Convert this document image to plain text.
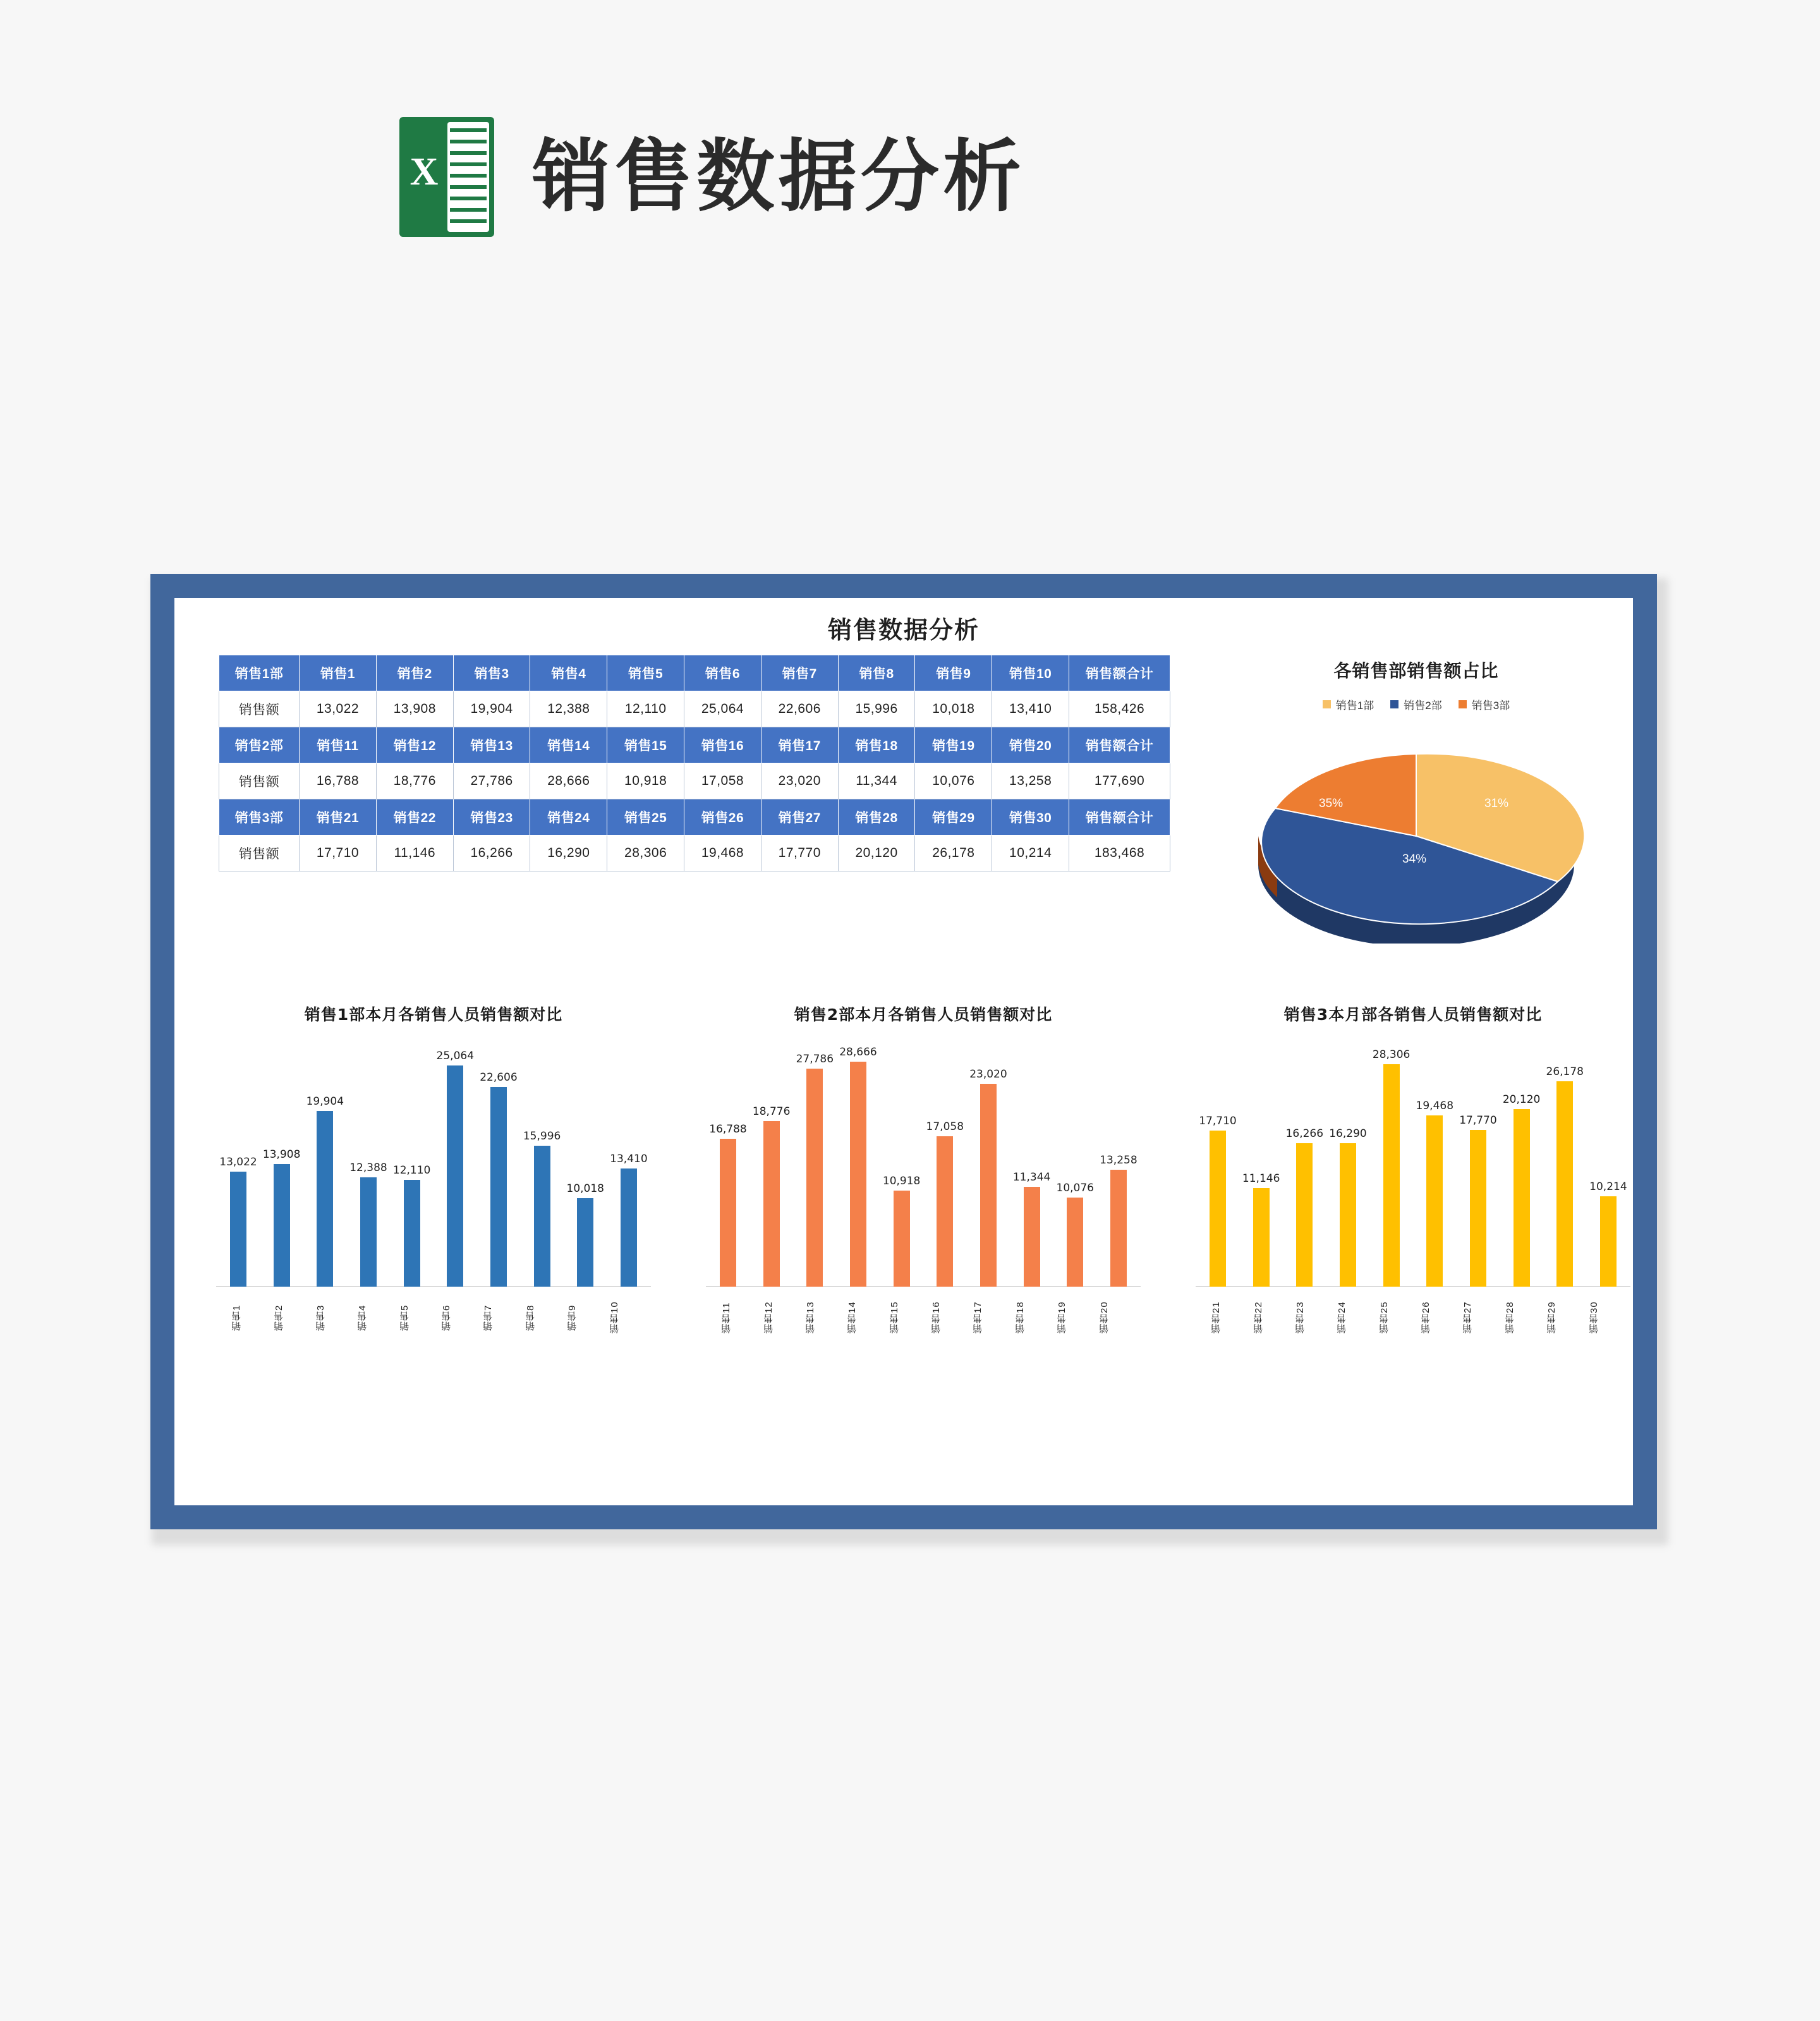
X 销售数据分析
销售数据分析
销售1部	销售1	销售2	销售3	销售4	销售5	销售6	销售7	销售8	销售9	销售10	销售额合计
销售额	13,022	13,908	19,904	12,388	12,110	25,064	22,606	15,996	10,018	13,410	158,426
销售2部	销售11	销售12	销售13	销售14	销售15	销售16	销售17	销售18	销售19	销售20	销售额合计
销售额	16,788	18,776	27,786	28,666	10,918	17,058	23,020	11,344	10,076	13,258	177,690
销售3部	销售21	销售22	销售23	销售24	销售25	销售26	销售27	销售28	销售29	销售30	销售额合计
销售额	17,710	11,146	16,266	16,290	28,306	19,468	17,770	20,120	26,178	10,214	183,468
各销售部销售额占比
销售1部	销售2部	销售3部
31%
34%
35%
销售1部本月各销售人员销售额对比
13,022
13,908
19,904
12,388 12,110
25,064
22,606
15,996
10,018
13,410
销售1	销售2	销售3	销售4	销售5	销售6	销售7	销售8	销售9	销售10
销售2部本月各销售人员销售额对比
16,788
18,776
27,786
28,666
10,918
17,058
23,020
11,344
10,076
13,258
销售11	销售12	销售13	销售14	销售15	销售16	销售17	销售18	销售19	销售20
销售3本月部各销售人员销售额对比
17,710
11,146
16,266 16,290
28,306
19,468
17,770
20,120
26,178
10,214
销售21	销售22	销售23	销售24	销售25	销售26	销售27	销售28	销售29	销售30
